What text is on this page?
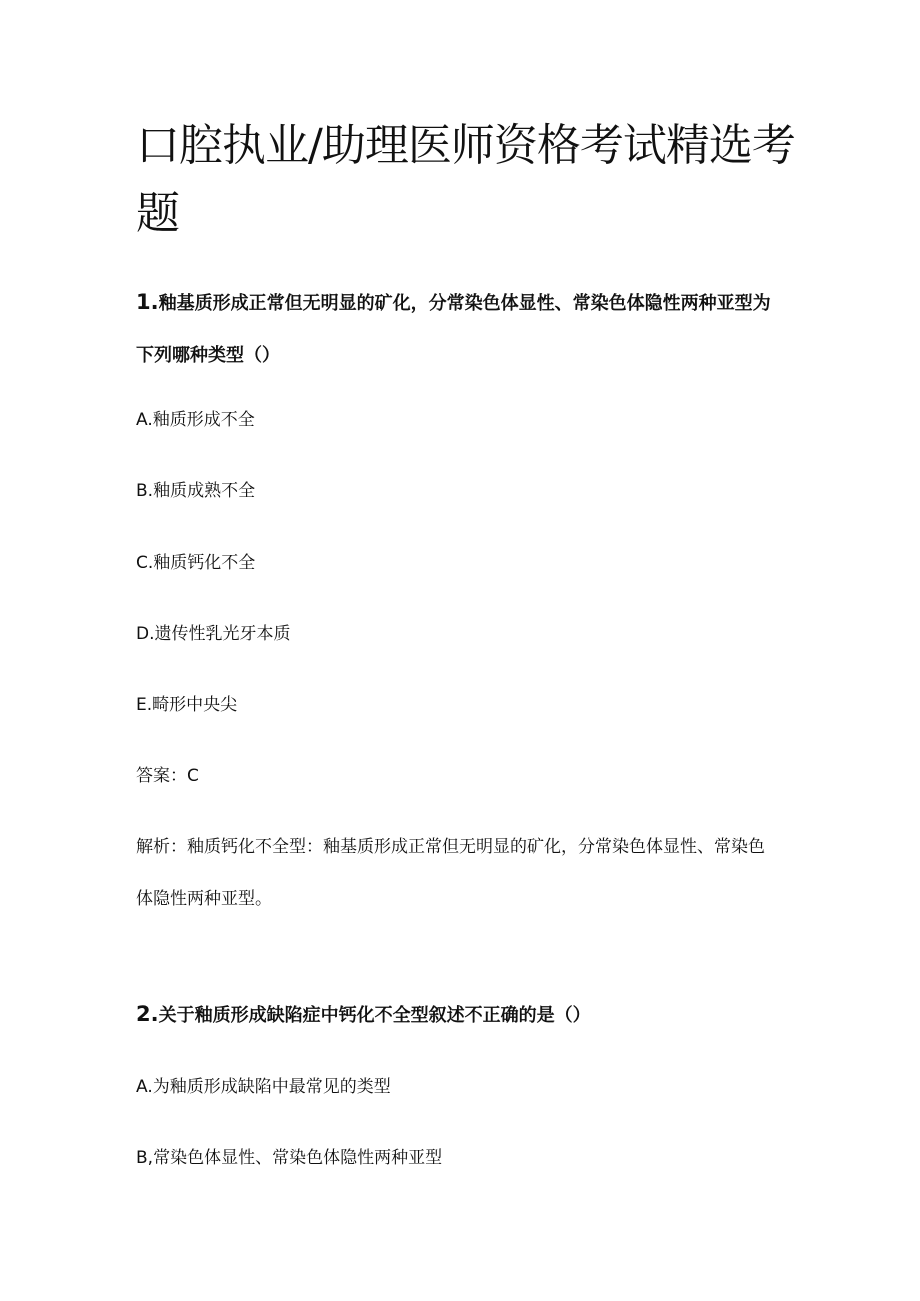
口腔执业/助理医师资格考试精选考题

1.釉基质形成正常但无明显的矿化，分常染色体显性、常染色体隐性两种亚型为下列哪种类型（）

A.釉质形成不全

B.釉质成熟不全

C.釉质钙化不全

D.遗传性乳光牙本质

E.畸形中央尖

答案：C

解析：釉质钙化不全型：釉基质形成正常但无明显的矿化，分常染色体显性、常染色体隐性两种亚型。

2.关于釉质形成缺陷症中钙化不全型叙述不正确的是（）

A.为釉质形成缺陷中最常见的类型

B,常染色体显性、常染色体隐性两种亚型
